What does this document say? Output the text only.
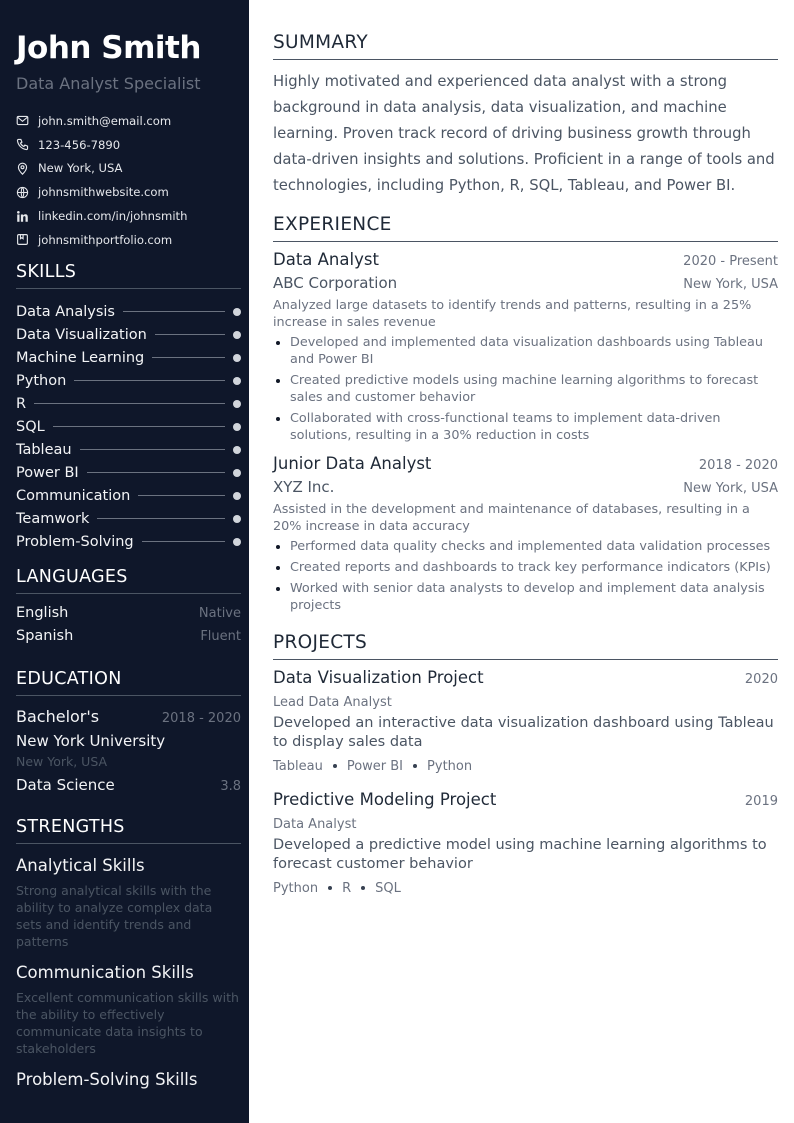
John Smith
Data Analyst Specialist
john.smith@email.com
123-456-7890
New York, USA
johnsmithwebsite.com
linkedin.com/in/johnsmith
johnsmithportfolio.com
SKILLS
Data Analysis
Data Visualization
Machine Learning
Python
R
SQL
Tableau
Power BI
Communication
Teamwork
Problem-Solving
LANGUAGES
English	Native
Spanish	Fluent
EDUCATION
Bachelor's	2018 - 2020
New York University
New York, USA
Data Science	3.8
STRENGTHS
Analytical Skills
Strong analytical skills with the ability to analyze complex data sets and identify trends and patterns
Communication Skills
Excellent communication skills with the ability to effectively communicate data insights to stakeholders
Problem-Solving Skills
SUMMARY
Highly motivated and experienced data analyst with a strong background in data analysis, data visualization, and machine learning. Proven track record of driving business growth through data-driven insights and solutions. Proficient in a range of tools and technologies, including Python, R, SQL, Tableau, and Power BI.
EXPERIENCE
Data Analyst	2020 - Present
ABC Corporation	New York, USA
Analyzed large datasets to identify trends and patterns, resulting in a 25% increase in sales revenue
Developed and implemented data visualization dashboards using Tableau and Power BI
Created predictive models using machine learning algorithms to forecast sales and customer behavior
Collaborated with cross-functional teams to implement data-driven solutions, resulting in a 30% reduction in costs
Junior Data Analyst	2018 - 2020
XYZ Inc.	New York, USA
Assisted in the development and maintenance of databases, resulting in a 20% increase in data accuracy
Performed data quality checks and implemented data validation processes
Created reports and dashboards to track key performance indicators (KPIs)
Worked with senior data analysts to develop and implement data analysis projects
PROJECTS
Data Visualization Project	2020
Lead Data Analyst
Developed an interactive data visualization dashboard using Tableau to display sales data
Tableau Power BI Python
Predictive Modeling Project	2019
Data Analyst
Developed a predictive model using machine learning algorithms to forecast customer behavior
Python R SQL
